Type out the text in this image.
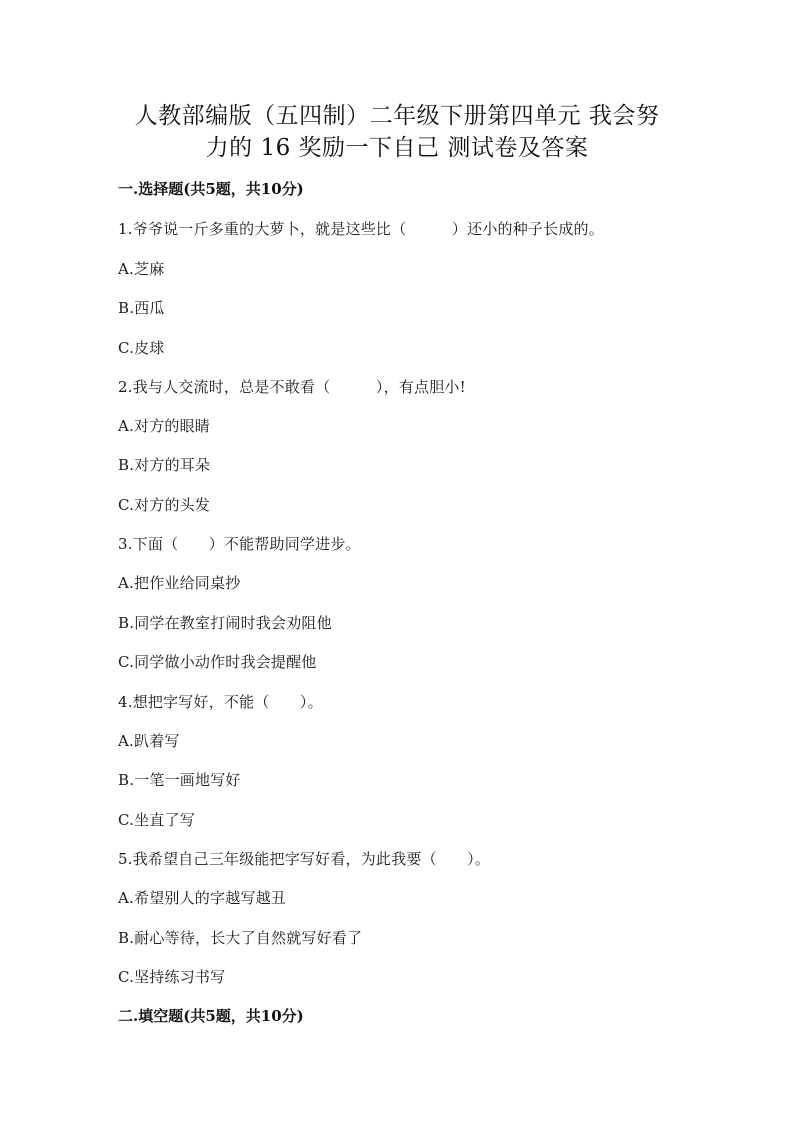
人教部编版（五四制）二年级下册第四单元 我会努
力的 16 奖励一下自己 测试卷及答案
一.选择题(共5题，共10分)
1.爷爷说一斤多重的大萝卜，就是这些比（　　　）还小的种子长成的。
A.芝麻
B.西瓜
C.皮球
2.我与人交流时，总是不敢看（　　　），有点胆小!
A.对方的眼睛
B.对方的耳朵
C.对方的头发
3.下面（　　）不能帮助同学进步。
A.把作业给同桌抄
B.同学在教室打闹时我会劝阻他
C.同学做小动作时我会提醒他
4.想把字写好，不能（　　）。
A.趴着写
B.一笔一画地写好
C.坐直了写
5.我希望自己三年级能把字写好看，为此我要（　　）。
A.希望别人的字越写越丑
B.耐心等待，长大了自然就写好看了
C.坚持练习书写
二.填空题(共5题，共10分)
